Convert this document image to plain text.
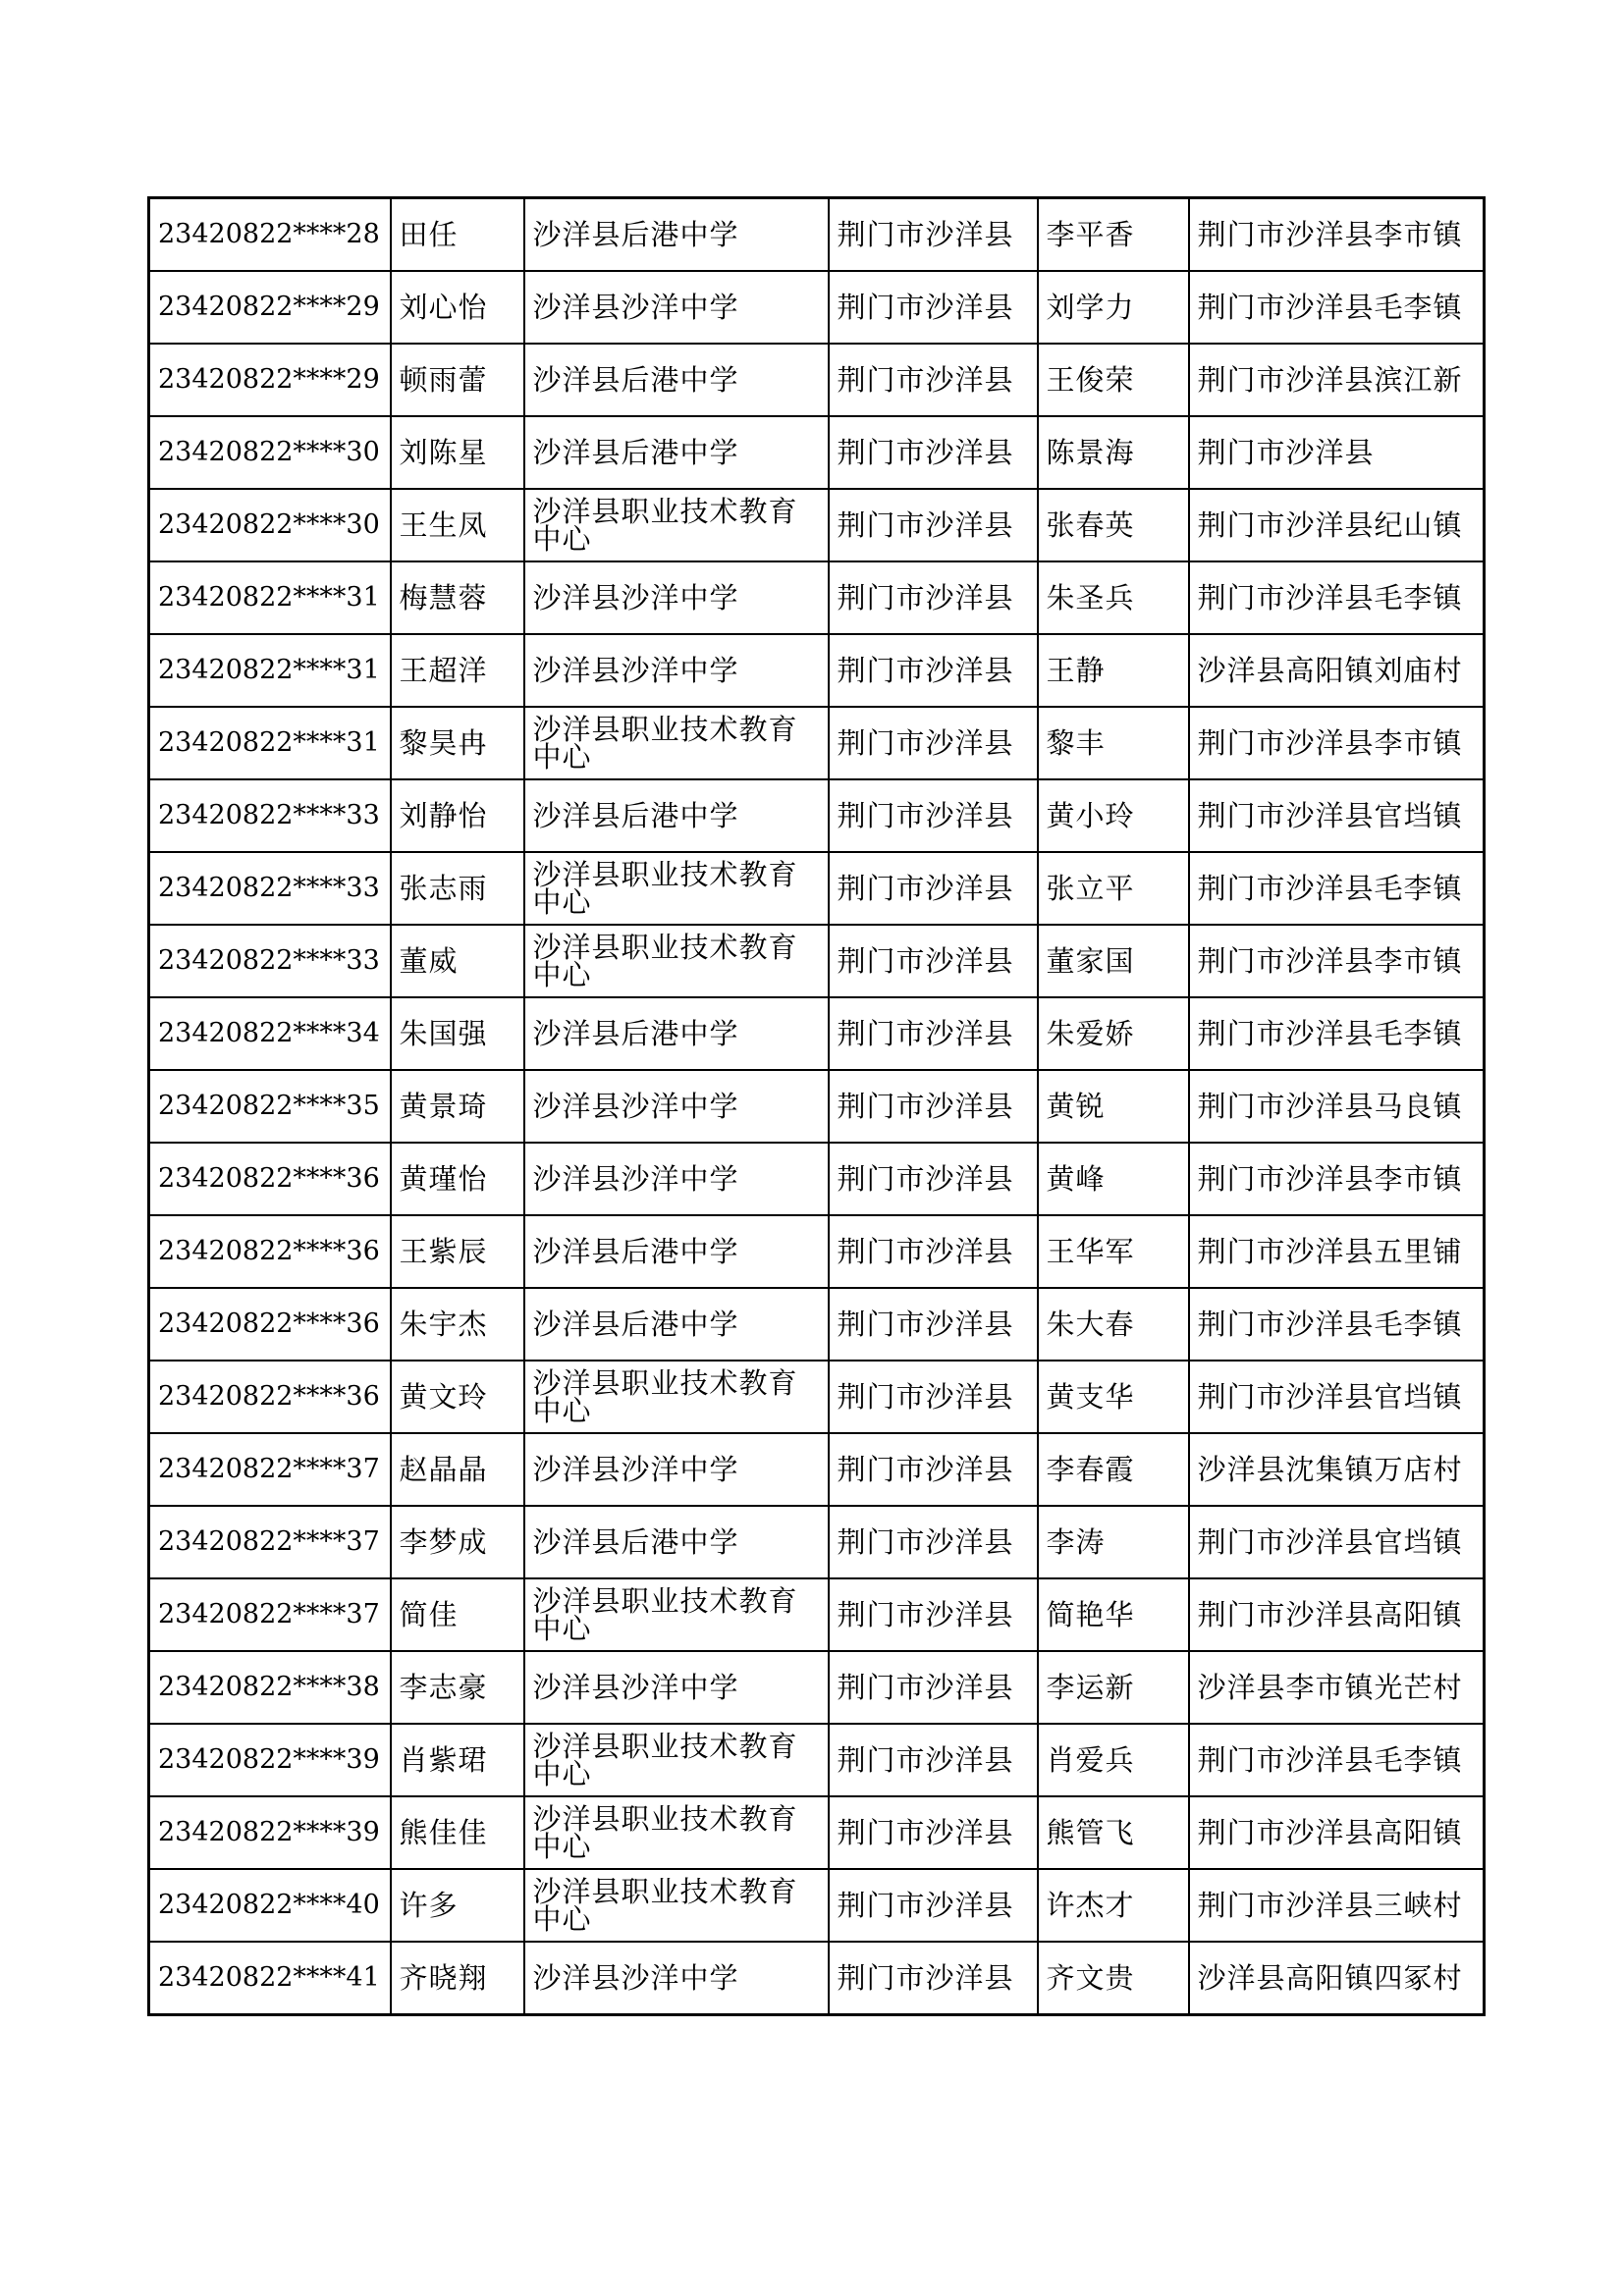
23420822****28	田任	沙洋县后港中学	荆门市沙洋县	李平香	荆门市沙洋县李市镇
23420822****29	刘心怡	沙洋县沙洋中学	荆门市沙洋县	刘学力	荆门市沙洋县毛李镇
23420822****29	顿雨蕾	沙洋县后港中学	荆门市沙洋县	王俊荣	荆门市沙洋县滨江新
23420822****30	刘陈星	沙洋县后港中学	荆门市沙洋县	陈景海	荆门市沙洋县
23420822****30	王生凤	沙洋县职业技术教育中心	荆门市沙洋县	张春英	荆门市沙洋县纪山镇
23420822****31	梅慧蓉	沙洋县沙洋中学	荆门市沙洋县	朱圣兵	荆门市沙洋县毛李镇
23420822****31	王超洋	沙洋县沙洋中学	荆门市沙洋县	王静	沙洋县高阳镇刘庙村
23420822****31	黎昊冉	沙洋县职业技术教育中心	荆门市沙洋县	黎丰	荆门市沙洋县李市镇
23420822****33	刘静怡	沙洋县后港中学	荆门市沙洋县	黄小玲	荆门市沙洋县官垱镇
23420822****33	张志雨	沙洋县职业技术教育中心	荆门市沙洋县	张立平	荆门市沙洋县毛李镇
23420822****33	董威	沙洋县职业技术教育中心	荆门市沙洋县	董家国	荆门市沙洋县李市镇
23420822****34	朱国强	沙洋县后港中学	荆门市沙洋县	朱爱娇	荆门市沙洋县毛李镇
23420822****35	黄景琦	沙洋县沙洋中学	荆门市沙洋县	黄锐	荆门市沙洋县马良镇
23420822****36	黄瑾怡	沙洋县沙洋中学	荆门市沙洋县	黄峰	荆门市沙洋县李市镇
23420822****36	王紫辰	沙洋县后港中学	荆门市沙洋县	王华军	荆门市沙洋县五里铺
23420822****36	朱宇杰	沙洋县后港中学	荆门市沙洋县	朱大春	荆门市沙洋县毛李镇
23420822****36	黄文玲	沙洋县职业技术教育中心	荆门市沙洋县	黄支华	荆门市沙洋县官垱镇
23420822****37	赵晶晶	沙洋县沙洋中学	荆门市沙洋县	李春霞	沙洋县沈集镇万店村
23420822****37	李梦成	沙洋县后港中学	荆门市沙洋县	李涛	荆门市沙洋县官垱镇
23420822****37	简佳	沙洋县职业技术教育中心	荆门市沙洋县	简艳华	荆门市沙洋县高阳镇
23420822****38	李志豪	沙洋县沙洋中学	荆门市沙洋县	李运新	沙洋县李市镇光芒村
23420822****39	肖紫珺	沙洋县职业技术教育中心	荆门市沙洋县	肖爱兵	荆门市沙洋县毛李镇
23420822****39	熊佳佳	沙洋县职业技术教育中心	荆门市沙洋县	熊管飞	荆门市沙洋县高阳镇
23420822****40	许多	沙洋县职业技术教育中心	荆门市沙洋县	许杰才	荆门市沙洋县三峡村
23420822****41	齐晓翔	沙洋县沙洋中学	荆门市沙洋县	齐文贵	沙洋县高阳镇四冢村
